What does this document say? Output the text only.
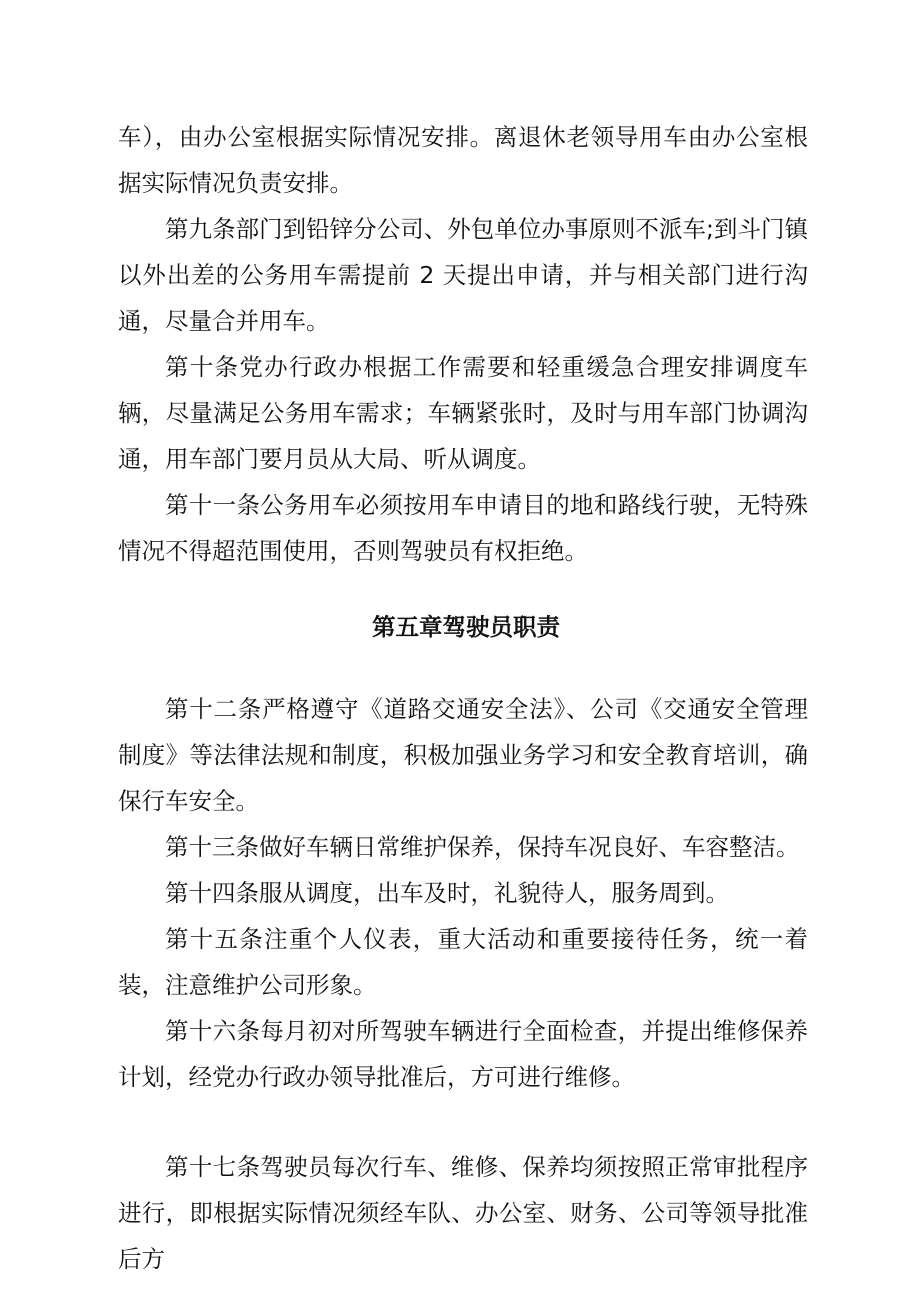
车），由办公室根据实际情况安排。离退休老领导用车由办公室根据实际情况负责安排。

第九条部门到铅锌分公司、外包单位办事原则不派车;到斗门镇以外出差的公务用车需提前 2 天提出申请，并与相关部门进行沟通，尽量合并用车。

第十条党办行政办根据工作需要和轻重缓急合理安排调度车辆，尽量满足公务用车需求；车辆紧张时，及时与用车部门协调沟通，用车部门要月员从大局、听从调度。

第十一条公务用车必须按用车申请目的地和路线行驶，无特殊情况不得超范围使用，否则驾驶员有权拒绝。

第五章驾驶员职责

第十二条严格遵守《道路交通安全法》、公司《交通安全管理制度》等法律法规和制度，积极加强业务学习和安全教育培训，确保行车安全。

第十三条做好车辆日常维护保养，保持车况良好、车容整洁。

第十四条服从调度，出车及时，礼貌待人，服务周到。

第十五条注重个人仪表，重大活动和重要接待任务，统一着装，注意维护公司形象。

第十六条每月初对所驾驶车辆进行全面检查，并提出维修保养计划，经党办行政办领导批准后，方可进行维修。

第十七条驾驶员每次行车、维修、保养均须按照正常审批程序进行，即根据实际情况须经车队、办公室、财务、公司等领导批准后方
